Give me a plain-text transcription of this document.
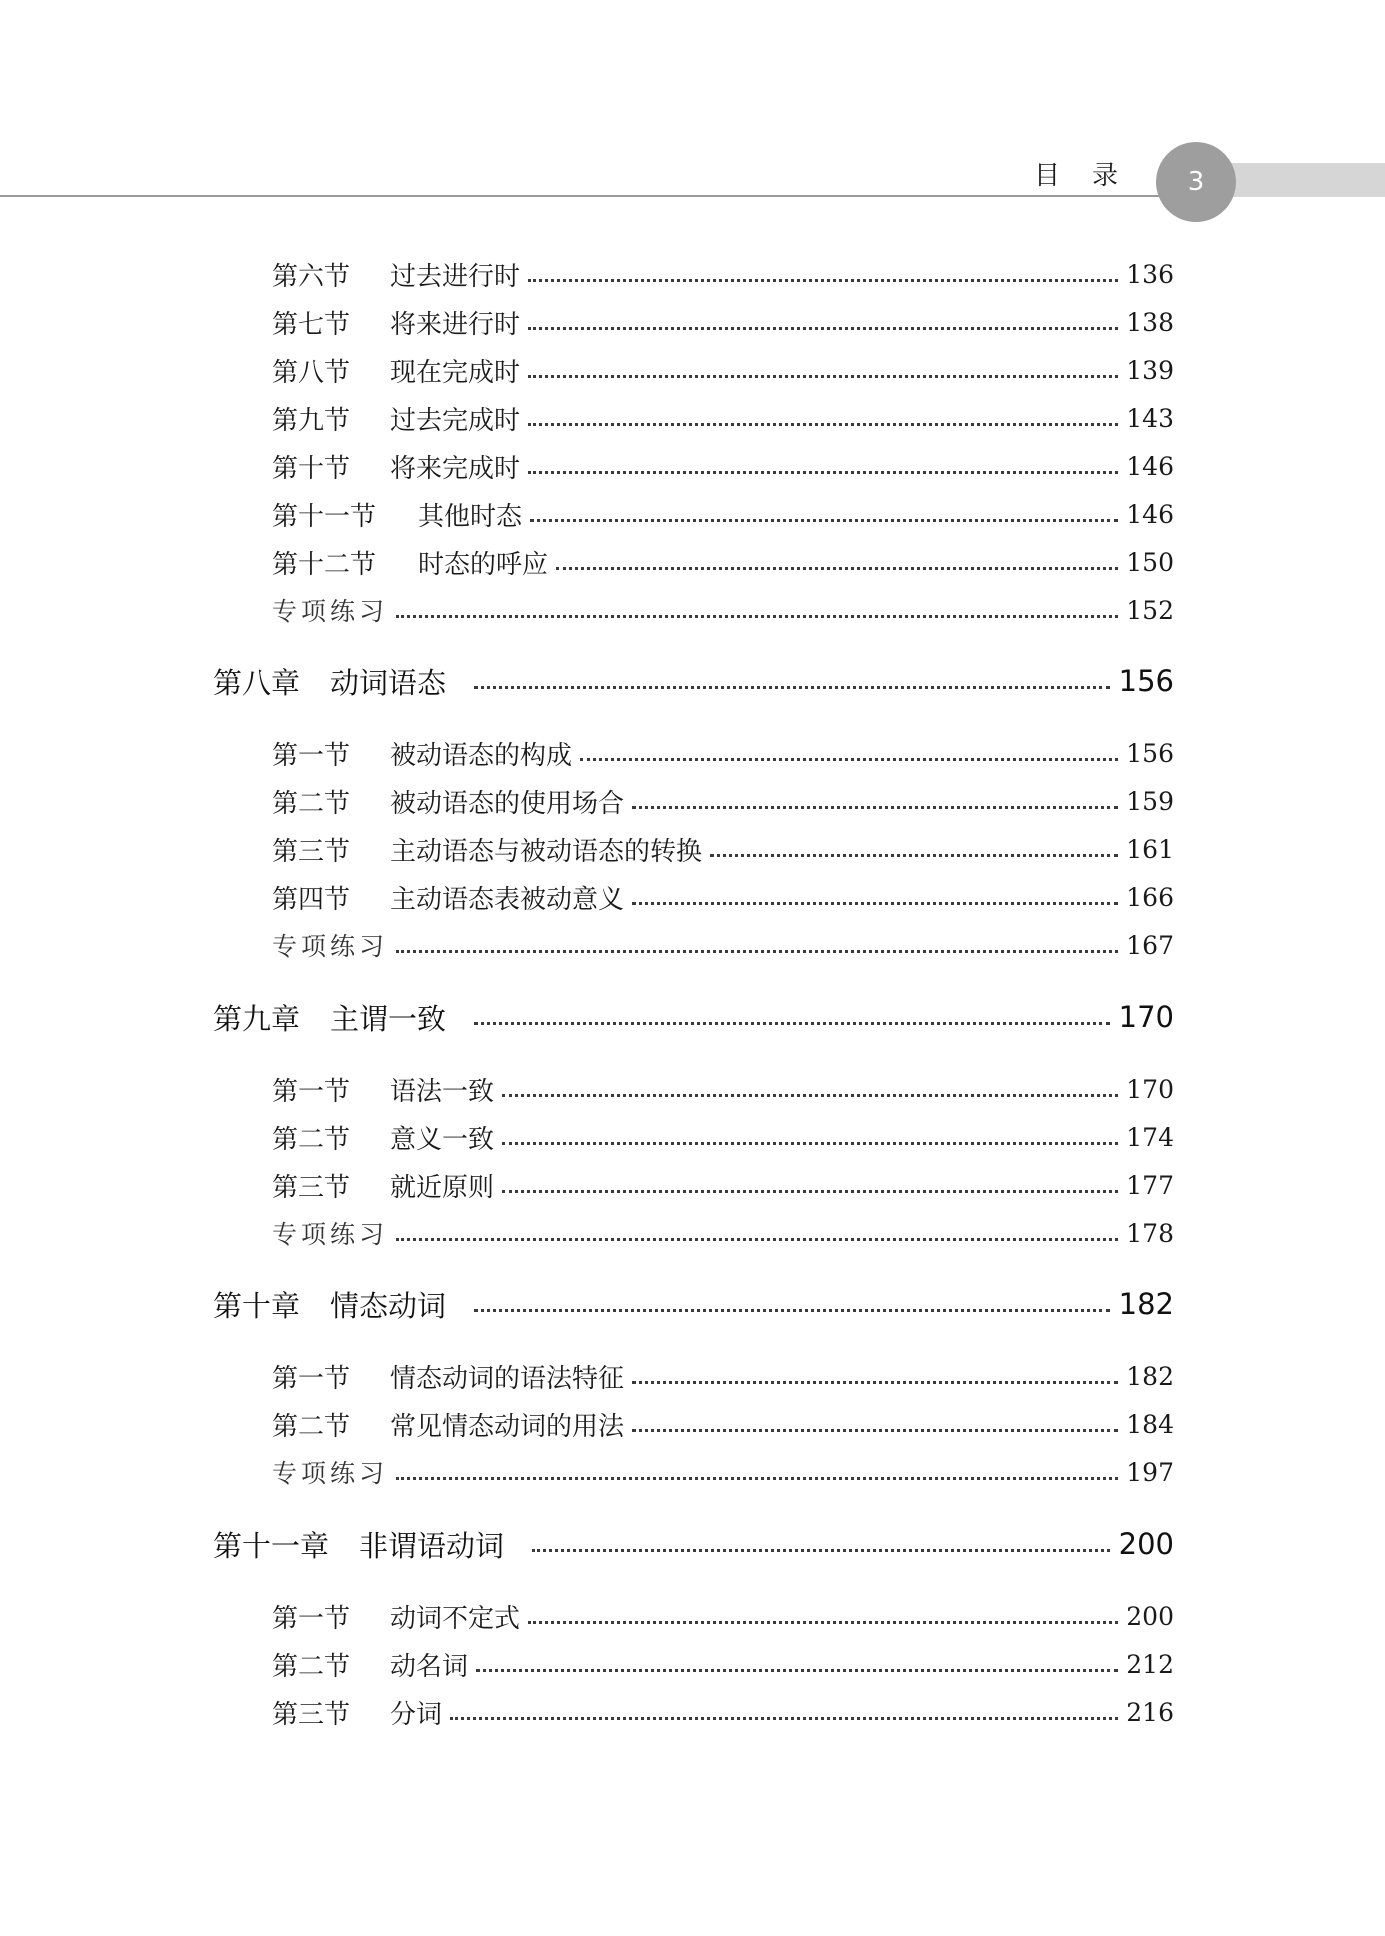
目录	3
第六节	过去进行时	136
第七节	将来进行时	138
第八节	现在完成时	139
第九节	过去完成时	143
第十节	将来完成时	146
第十一节	其他时态	146
第十二节	时态的呼应	150
专项练习	152
第八章 动词语态	156
第一节	被动语态的构成	156
第二节	被动语态的使用场合	159
第三节	主动语态与被动语态的转换	161
第四节	主动语态表被动意义	166
专项练习	167
第九章 主谓一致	170
第一节	语法一致	170
第二节	意义一致	174
第三节	就近原则	177
专项练习	178
第十章 情态动词	182
第一节	情态动词的语法特征	182
第二节	常见情态动词的用法	184
专项练习	197
第十一章 非谓语动词	200
第一节	动词不定式	200
第二节	动名词	212
第三节	分词	216
